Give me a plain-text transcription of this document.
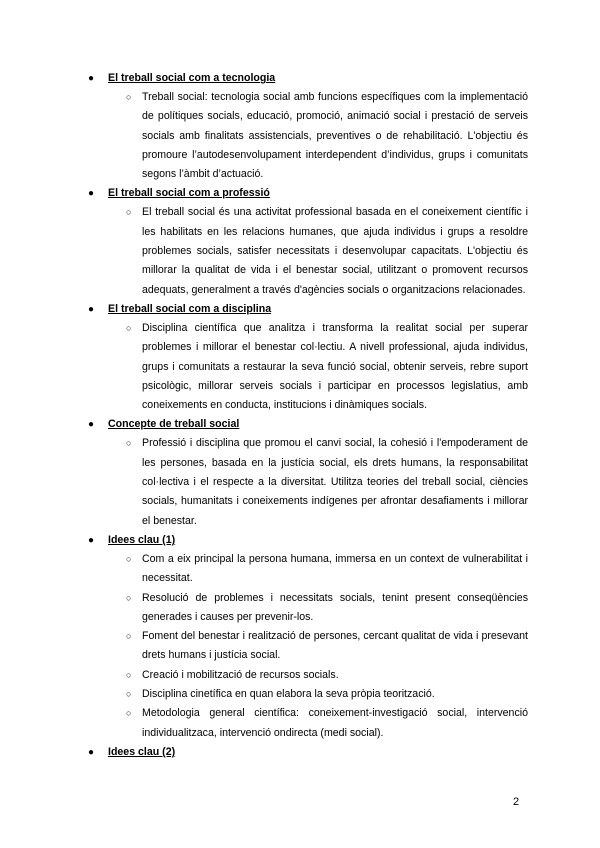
● El treball social com a tecnologia
○ Treball social: tecnologia social amb funcions específiques com la implementació de polítiques socials, educació, promoció, animació social i prestació de serveis socials amb finalitats assistencials, preventives o de rehabilitació. L'objectiu és promoure l’autodesenvolupament interdependent d’individus, grups i comunitats segons l’àmbit d’actuació.
● El treball social com a professió
○ El treball social és una activitat professional basada en el coneixement científic i les habilitats en les relacions humanes, que ajuda individus i grups a resoldre problemes socials, satisfer necessitats i desenvolupar capacitats. L'objectiu és millorar la qualitat de vida i el benestar social, utilitzant o promovent recursos adequats, generalment a través d'agències socials o organitzacions relacionades.
● El treball social com a disciplina
○ Disciplina científica que analitza i transforma la realitat social per superar problemes i millorar el benestar col·lectiu. A nivell professional, ajuda individus, grups i comunitats a restaurar la seva funció social, obtenir serveis, rebre suport psicològic, millorar serveis socials i participar en processos legislatius, amb coneixements en conducta, institucions i dinàmiques socials.
● Concepte de treball social
○ Professió i disciplina que promou el canvi social, la cohesió i l'empoderament de les persones, basada en la justícia social, els drets humans, la responsabilitat col·lectiva i el respecte a la diversitat. Utilitza teories del treball social, ciències socials, humanitats i coneixements indígenes per afrontar desafiaments i millorar el benestar.
● Idees clau (1)
○ Com a eix principal la persona humana, immersa en un context de vulnerabilitat i necessitat.
○ Resolució de problemes i necessitats socials, tenint present conseqüències generades i causes per prevenir-los.
○ Foment del benestar i realització de persones, cercant qualitat de vida i presevant drets humans i justícia social.
○ Creació i mobilització de recursos socials.
○ Disciplina cinetífica en quan elabora la seva pròpia teorització.
○ Metodologia general científica: coneixement-investigació social, intervenció individualitzaca, intervenció ondirecta (medi social).
● Idees clau (2)
2
